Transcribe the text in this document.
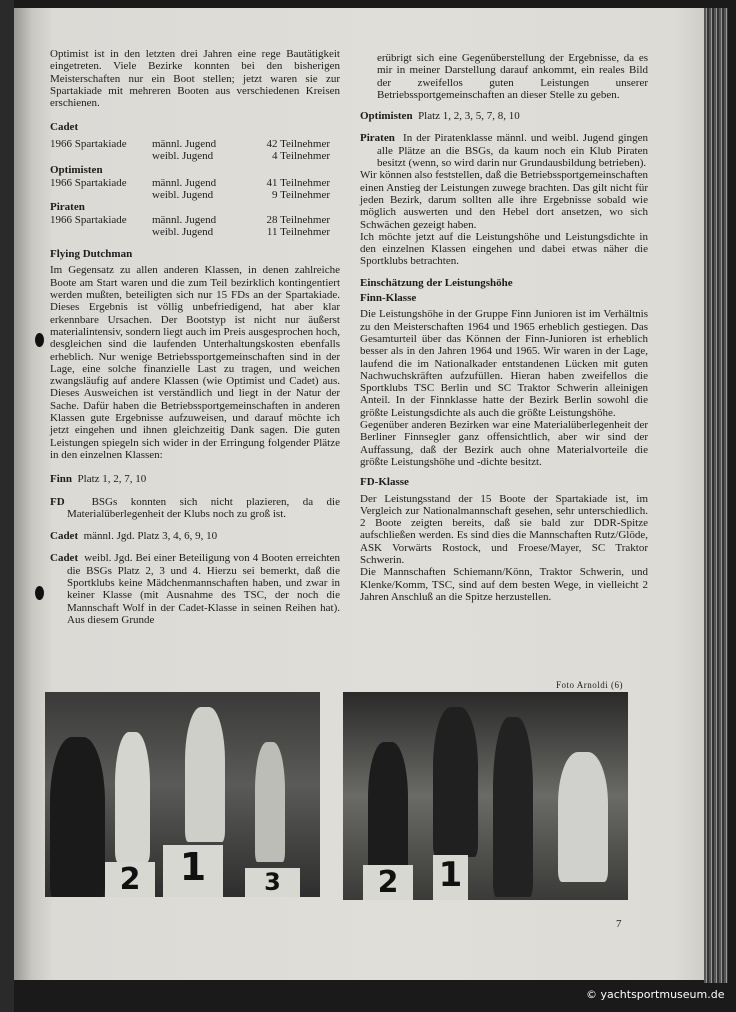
Optimist ist in den letzten drei Jahren eine rege Bautätigkeit eingetreten. Viele Bezirke konnten bei den bisherigen Meisterschaften nur ein Boot stellen; jetzt waren sie zur Spartakiade mit mehreren Booten aus verschiedenen Kreisen erschienen.

Cadet

1966 Spartakiade	männl. Jugend	42 Teilnehmer
weibl. Jugend	4 Teilnehmer

Optimisten

1966 Spartakiade	männl. Jugend	41 Teilnehmer
weibl. Jugend	9 Teilnehmer

Piraten

1966 Spartakiade	männl. Jugend	28 Teilnehmer
weibl. Jugend	11 Teilnehmer

Flying Dutchman

Im Gegensatz zu allen anderen Klassen, in denen zahlreiche Boote am Start waren und die zum Teil bezirklich kontingentiert werden mußten, beteiligten sich nur 15 FDs an der Spartakiade. Dieses Ergebnis ist völlig unbefriedigend, hat aber klar erkennbare Ursachen. Der Bootstyp ist nicht nur äußerst materialintensiv, sondern liegt auch im Preis ausgesprochen hoch, desgleichen sind die laufenden Unterhaltungskosten ebenfalls erheblich. Nur wenige Betriebssportgemeinschaften sind in der Lage, eine solche finanzielle Last zu tragen, und weichen zwangsläufig auf andere Klassen (wie Optimist und Cadet) aus. Dieses Ausweichen ist verständlich und liegt in der Natur der Sache. Dafür haben die Betriebssportgemeinschaften in anderen Klassen gute Ergebnisse aufzuweisen, und darauf möchte ich jetzt eingehen und ihnen gleichzeitig Dank sagen. Die guten Leistungen spiegeln sich wider in der Erringung folgender Plätze in den einzelnen Klassen:

Finn Platz 1, 2, 7, 10

FD BSGs konnten sich nicht plazieren, da die Materialüberlegenheit der Klubs noch zu groß ist.

Cadet männl. Jgd. Platz 3, 4, 6, 9, 10

Cadet weibl. Jgd. Bei einer Beteiligung von 4 Booten erreichten die BSGs Platz 2, 3 und 4. Hierzu sei bemerkt, daß die Sportklubs keine Mädchenmannschaften haben, und zwar in keiner Klasse (mit Ausnahme des TSC, der noch die Mannschaft Wolf in der Cadet-Klasse in seinen Reihen hat). Aus diesem Grunde

erübrigt sich eine Gegenüberstellung der Ergebnisse, da es mir in meiner Darstellung darauf ankommt, ein reales Bild der zweifellos guten Leistungen unserer Betriebssportgemeinschaften an dieser Stelle zu geben.

Optimisten Platz 1, 2, 3, 5, 7, 8, 10

Piraten In der Piratenklasse männl. und weibl. Jugend gingen alle Plätze an die BSGs, da kaum noch ein Klub Piraten besitzt (wenn, so wird darin nur Grundausbildung betrieben).

Wir können also feststellen, daß die Betriebssportgemeinschaften einen Anstieg der Leistungen zuwege brachten. Das gilt nicht für jeden Bezirk, darum sollten alle ihre Ergebnisse sobald wie möglich auswerten und den Hebel dort ansetzen, wo sich Schwächen gezeigt haben.

Ich möchte jetzt auf die Leistungshöhe und Leistungsdichte in den einzelnen Klassen eingehen und dabei etwas näher die Sportklubs betrachten.

Einschätzung der Leistungshöhe

Finn-Klasse

Die Leistungshöhe in der Gruppe Finn Junioren ist im Verhältnis zu den Meisterschaften 1964 und 1965 erheblich gestiegen. Das Gesamturteil über das Können der Finn-Junioren ist erheblich besser als in den Jahren 1964 und 1965. Wir waren in der Lage, laufend die im Nationalkader entstandenen Lücken mit guten Nachwuchskräften aufzufüllen. Hieran haben zweifellos die Sportklubs TSC Berlin und SC Traktor Schwerin alleinigen Anteil. In der Finnklasse hatte der Bezirk Berlin sowohl die größte Leistungsdichte als auch die größte Leistungshöhe.

Gegenüber anderen Bezirken war eine Materialüberlegenheit der Berliner Finnsegler ganz offensichtlich, aber wir sind der Auffassung, daß der Bezirk auch ohne Materialvorteile die größte Leistungshöhe und -dichte besitzt.

FD-Klasse

Der Leistungsstand der 15 Boote der Spartakiade ist, im Vergleich zur Nationalmannschaft gesehen, sehr unterschiedlich. 2 Boote zeigten bereits, daß sie bald zur DDR-Spitze aufschließen werden. Es sind dies die Mannschaften Rutz/Glöde, ASK Vorwärts Rostock, und Froese/Mayer, SC Traktor Schwerin.

Die Mannschaften Schiemann/Könn, Traktor Schwerin, und Klenke/Komm, TSC, sind auf dem besten Wege, in vielleicht 2 Jahren Anschluß an die Spitze herzustellen.

Foto Arnoldi (6)
2	1	3	2	1
7
© yachtsportmuseum.de
